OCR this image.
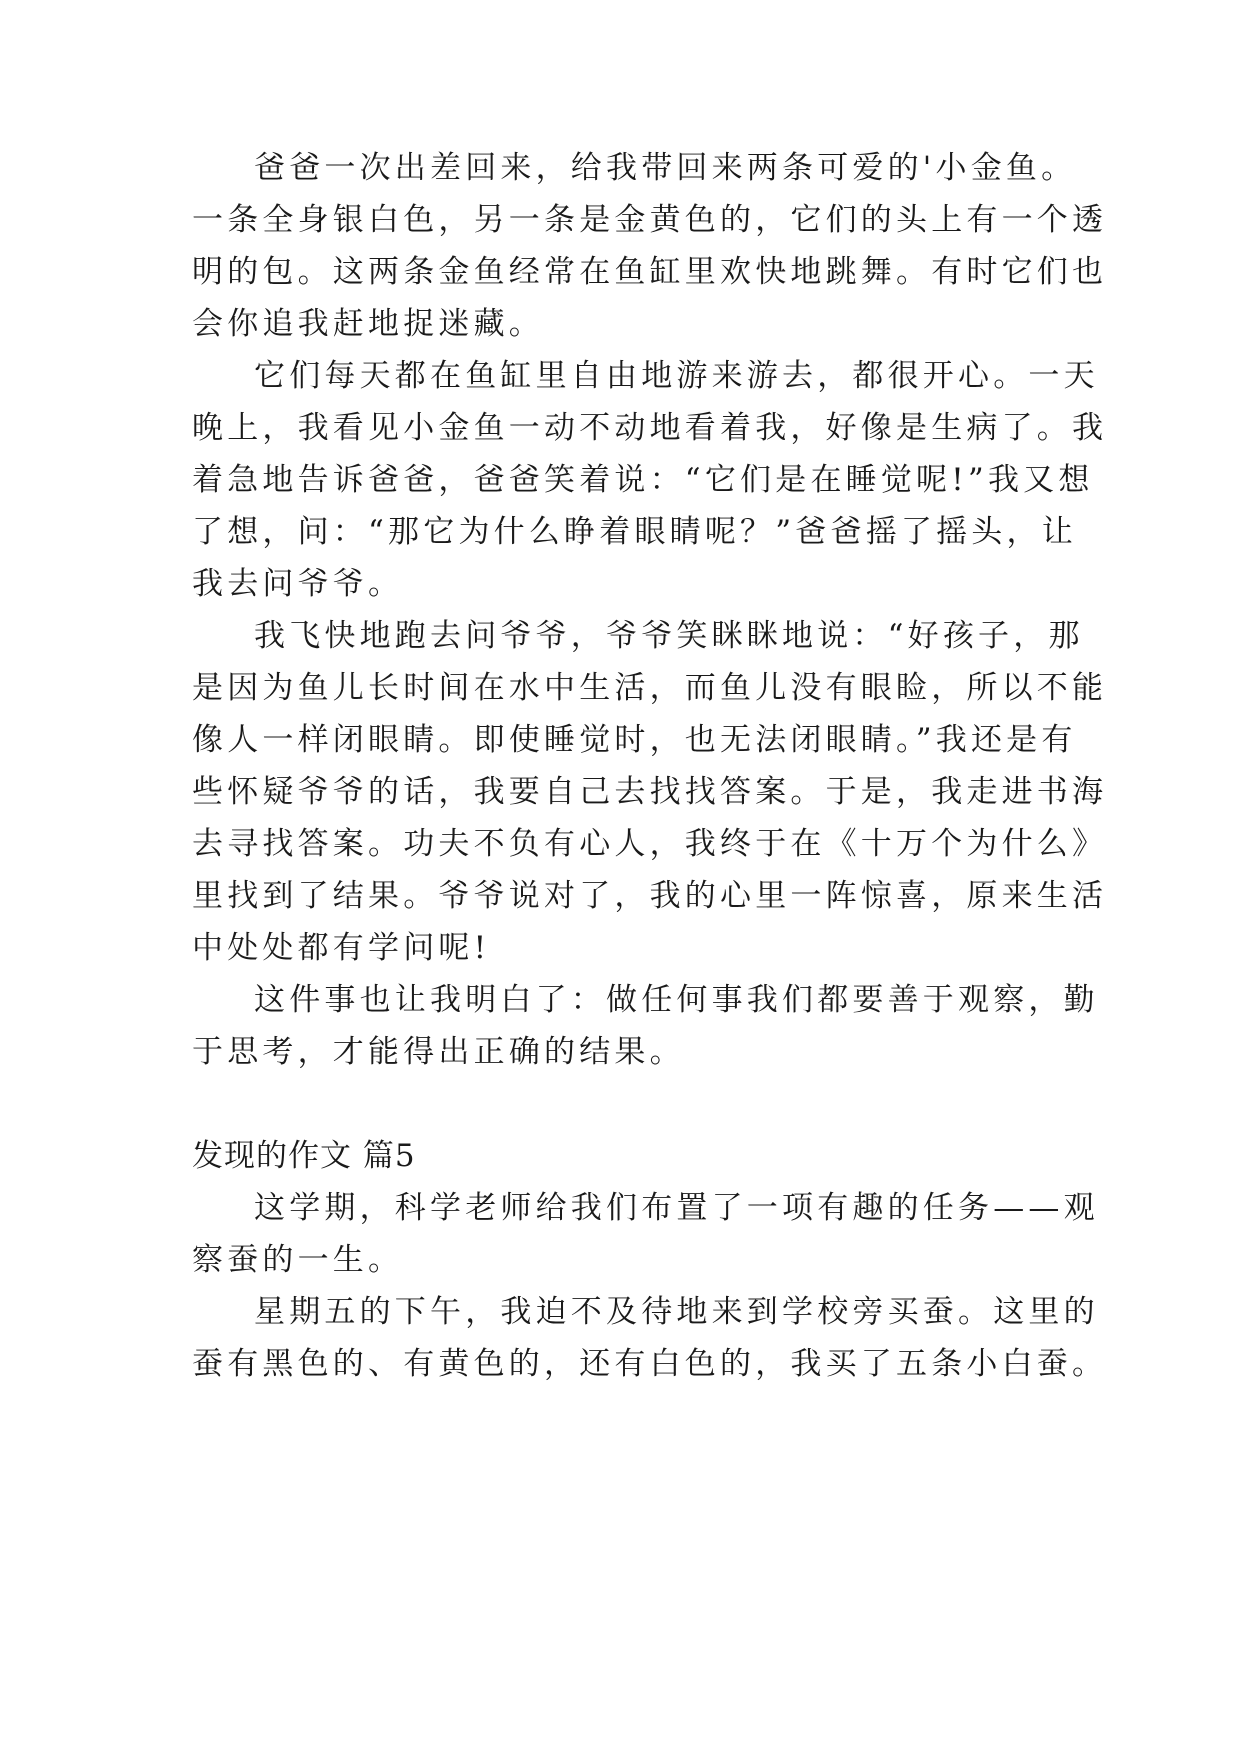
爸爸一次出差回来，给我带回来两条可爱的'小金鱼。
一条全身银白色，另一条是金黄色的，它们的头上有一个透
明的包。这两条金鱼经常在鱼缸里欢快地跳舞。有时它们也
会你追我赶地捉迷藏。
它们每天都在鱼缸里自由地游来游去，都很开心。一天
晚上，我看见小金鱼一动不动地看着我，好像是生病了。我
着急地告诉爸爸，爸爸笑着说：“它们是在睡觉呢!”我又想
了想，问：“那它为什么睁着眼睛呢？”爸爸摇了摇头，让
我去问爷爷。
我飞快地跑去问爷爷，爷爷笑眯眯地说：“好孩子，那
是因为鱼儿长时间在水中生活，而鱼儿没有眼睑，所以不能
像人一样闭眼睛。即使睡觉时，也无法闭眼睛。”我还是有
些怀疑爷爷的话，我要自己去找找答案。于是，我走进书海
去寻找答案。功夫不负有心人，我终于在《十万个为什么》
里找到了结果。爷爷说对了，我的心里一阵惊喜，原来生活
中处处都有学问呢!
这件事也让我明白了：做任何事我们都要善于观察，勤
于思考，才能得出正确的结果。
发现的作文 篇5
这学期，科学老师给我们布置了一项有趣的任务——观
察蚕的一生。
星期五的下午，我迫不及待地来到学校旁买蚕。这里的
蚕有黑色的、有黄色的，还有白色的，我买了五条小白蚕。
